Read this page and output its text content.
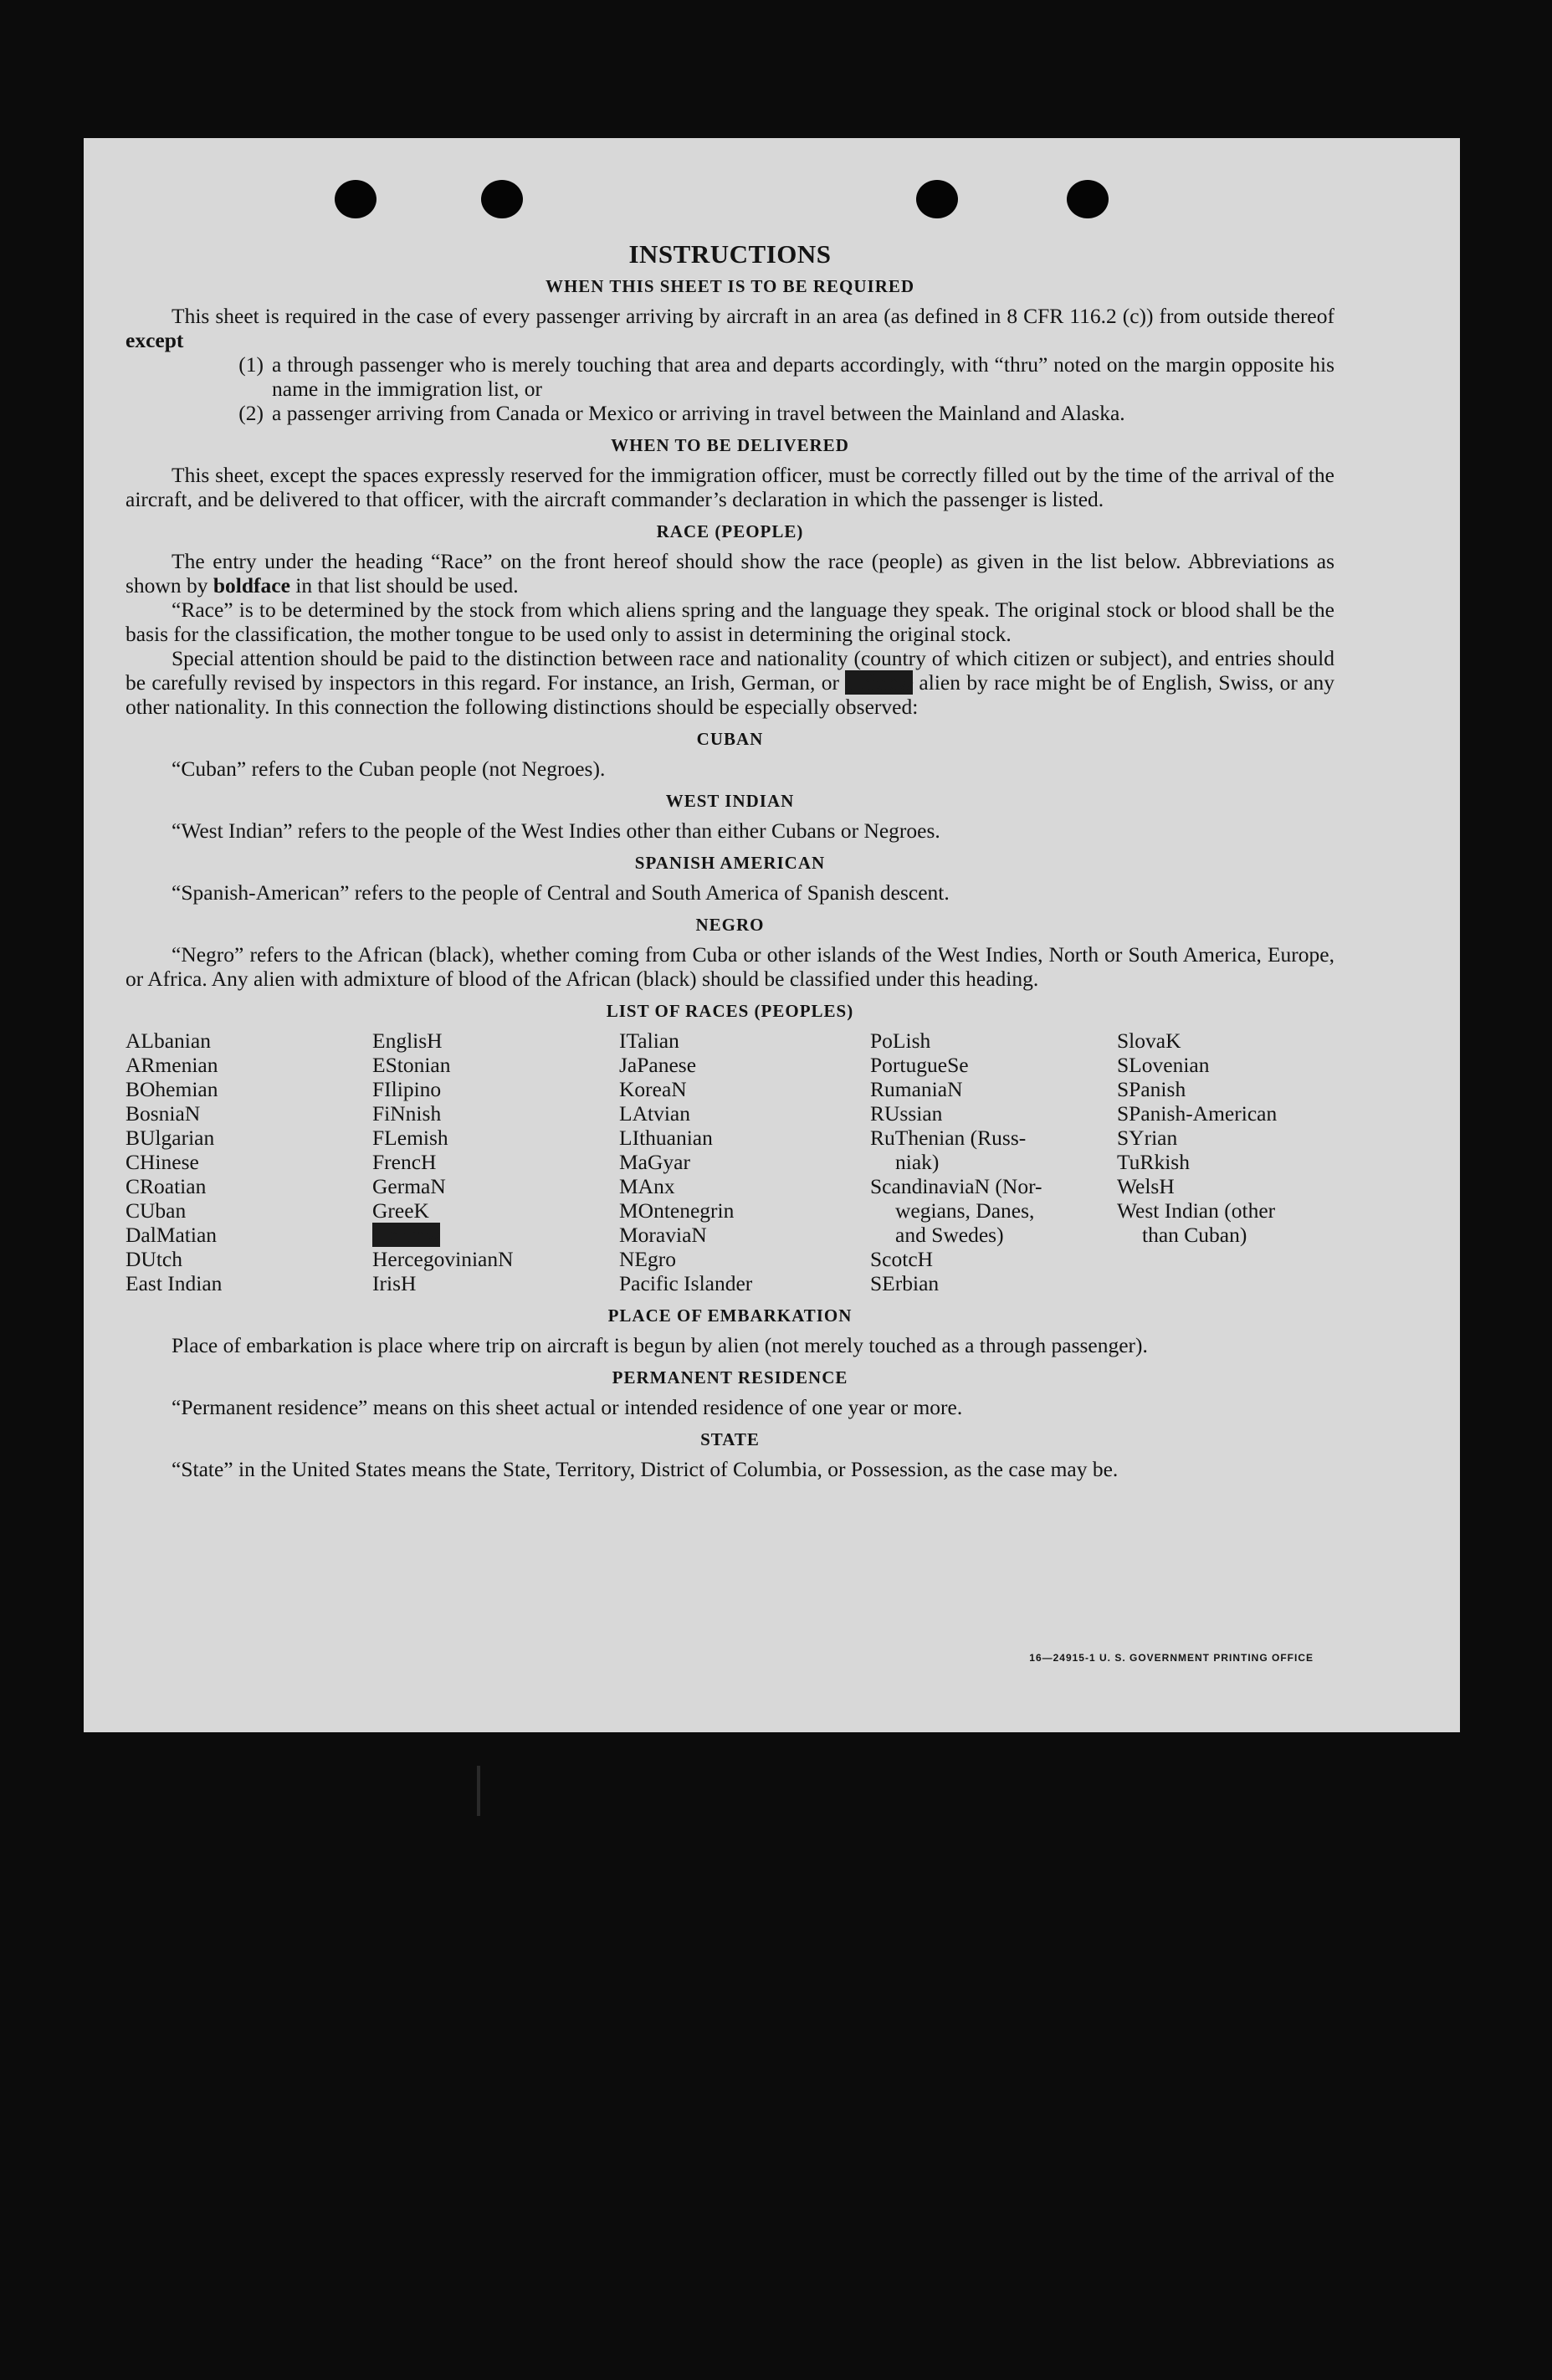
INSTRUCTIONS
WHEN THIS SHEET IS TO BE REQUIRED

This sheet is required in the case of every passenger arriving by aircraft in an area (as defined in 8 CFR 116.2 (c)) from outside thereof except

(1) a through passenger who is merely touching that area and departs accordingly, with “thru” noted on the margin opposite his name in the immigration list, or
(2) a passenger arriving from Canada or Mexico or arriving in travel between the Mainland and Alaska.
WHEN TO BE DELIVERED

This sheet, except the spaces expressly reserved for the immigration officer, must be correctly filled out by the time of the arrival of the aircraft, and be delivered to that officer, with the aircraft commander’s declaration in which the passenger is listed.

RACE (PEOPLE)

The entry under the heading “Race” on the front hereof should show the race (people) as given in the list below. Abbreviations as shown by boldface in that list should be used.

“Race” is to be determined by the stock from which aliens spring and the language they speak. The original stock or blood shall be the basis for the classification, the mother tongue to be used only to assist in determining the original stock.

Special attention should be paid to the distinction between race and nationality (country of which citizen or subject), and entries should be carefully revised by inspectors in this regard. For instance, an Irish, German, or Hebrew alien by race might be of English, Swiss, or any other nationality. In this connection the following distinctions should be especially observed:

CUBAN

“Cuban” refers to the Cuban people (not Negroes).

WEST INDIAN

“West Indian” refers to the people of the West Indies other than either Cubans or Negroes.

SPANISH AMERICAN

“Spanish-American” refers to the people of Central and South America of Spanish descent.

NEGRO

“Negro” refers to the African (black), whether coming from Cuba or other islands of the West Indies, North or South America, Europe, or Africa. Any alien with admixture of blood of the African (black) should be classified under this heading.

LIST OF RACES (PEOPLES)
ALbanian
ARmenian
BOhemian
BosniaN
BUlgarian
CHinese
CRoatian
CUban
DalMatian
DUtch
East Indian
EnglisH
EStonian
FIlipino
FiNnish
FLemish
FrencH
GermaN
GreeK
Hebrew
HercegovinianN
IrisH
ITalian
JaPanese
KoreaN
LAtvian
LIthuanian
MaGyar
MAnx
MOntenegrin
MoraviaN
NEgro
Pacific Islander
PoLish
PortugueSe
RumaniaN
RUssian
RuThenian (Russ-
niak)
ScandinaviaN (Nor-
wegians, Danes,
and Swedes)
ScotcH
SErbian
SlovaK
SLovenian
SPanish
SPanish-American
SYrian
TuRkish
WelsH
West Indian (other
than Cuban)
PLACE OF EMBARKATION

Place of embarkation is place where trip on aircraft is begun by alien (not merely touched as a through passenger).

PERMANENT RESIDENCE

“Permanent residence” means on this sheet actual or intended residence of one year or more.

STATE

“State” in the United States means the State, Territory, District of Columbia, or Possession, as the case may be.

16—24915-1 U. S. GOVERNMENT PRINTING OFFICE
